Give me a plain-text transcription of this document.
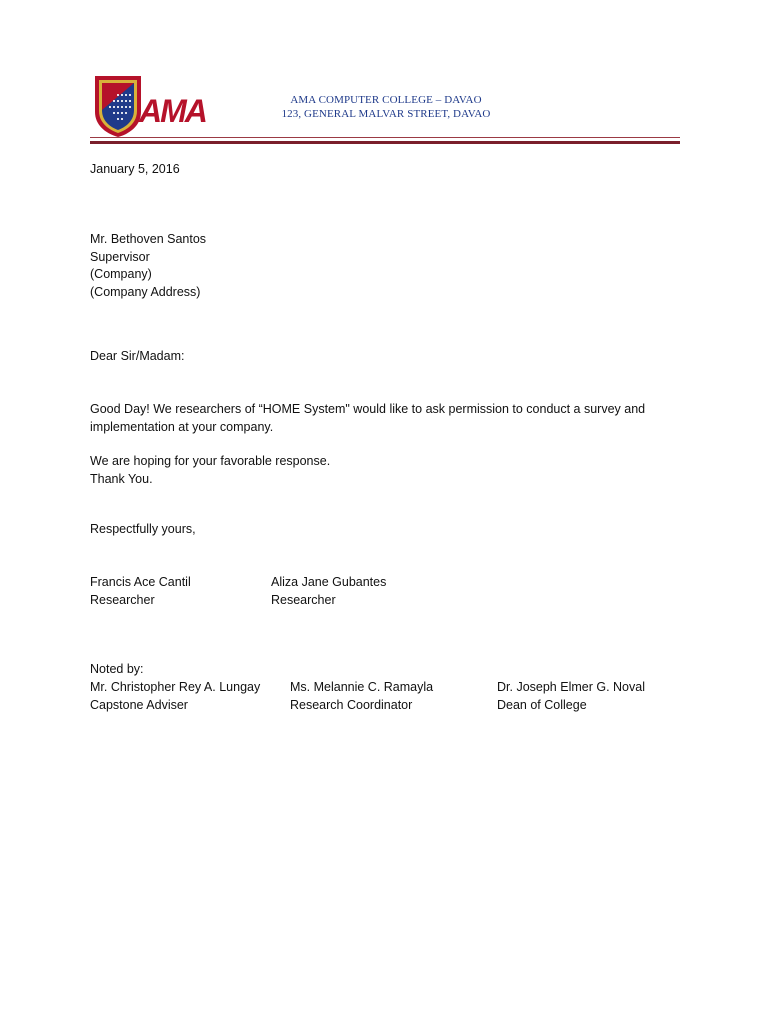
AMA	AMA COMPUTER COLLEGE – DAVAO
123, GENERAL MALVAR STREET, DAVAO
January 5, 2016
Mr. Bethoven Santos
Supervisor
(Company)
(Company Address)
Dear Sir/Madam:
Good Day! We researchers of “HOME System" would like to ask permission to conduct a survey and
implementation at your company.
We are hoping for your favorable response.
Thank You.
Respectfully yours,
Francis Ace Cantil
Researcher
Aliza Jane Gubantes
Researcher
Noted by:
Mr. Christopher Rey A. Lungay
Capstone Adviser
Ms. Melannie C. Ramayla
Research Coordinator
Dr. Joseph Elmer G. Noval
Dean of College
